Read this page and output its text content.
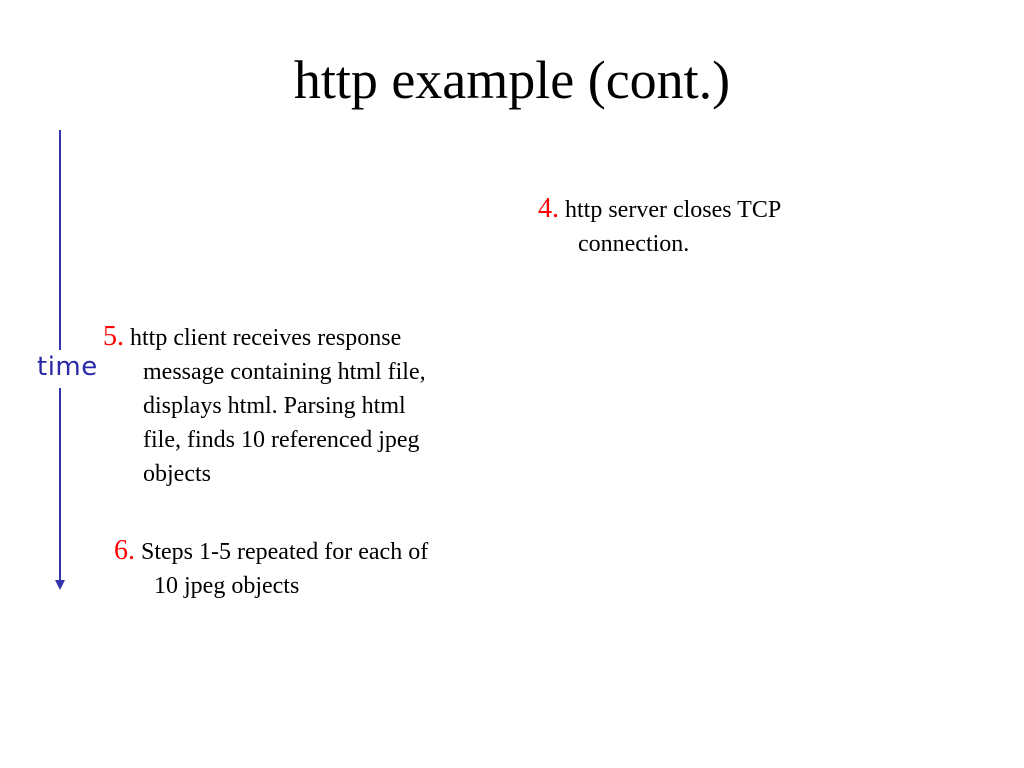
http example (cont.)
time
4. http server closes TCP
connection.
5. http client receives response
message containing html file,
displays html. Parsing html
file, finds 10 referenced jpeg
objects
6. Steps 1-5 repeated for each of
10 jpeg objects
